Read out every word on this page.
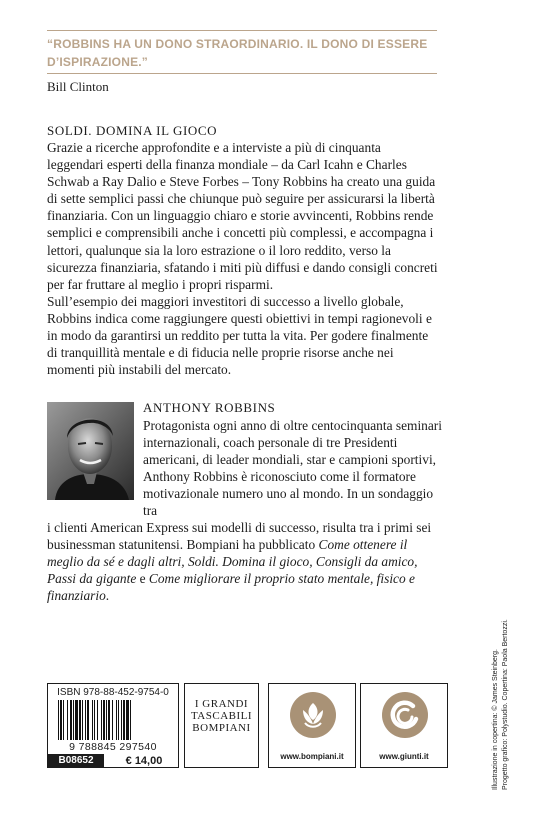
“ROBBINS HA UN DONO STRAORDINARIO. IL DONO DI ESSERE
D’ISPIRAZIONE.”
Bill Clinton
SOLDI. DOMINA IL GIOCO

Grazie a ricerche approfondite e a interviste a più di cinquanta leggendari esperti della finanza mondiale – da Carl Icahn e Charles Schwab a Ray Dalio e Steve Forbes – Tony Robbins ha creato una guida di sette semplici passi che chiunque può seguire per assicurarsi la libertà finanziaria. Con un linguaggio chiaro e storie avvincenti, Robbins rende semplici e comprensibili anche i concetti più complessi, e accompagna i lettori, qualunque sia la loro estrazione o il loro reddito, verso la sicurezza finanziaria, sfatando i miti più diffusi e dando consigli concreti per far fruttare al meglio i propri risparmi.

Sull’esempio dei maggiori investitori di successo a livello globale, Robbins indica come raggiungere questi obiettivi in tempi ragionevoli e in modo da garantirsi un reddito per tutta la vita. Per godere finalmente di tranquillità mentale e di fiducia nelle proprie risorse anche nei momenti più instabili del mercato.

ANTHONY ROBBINS
Protagonista ogni anno di oltre centocinquanta seminari internazionali, coach personale di tre Presidenti americani, di leader mondiali, star e campioni sportivi, Anthony Robbins è riconosciuto come il formatore motivazionale numero uno al mondo. In un sondaggio tra
i clienti American Express sui modelli di successo, risulta tra i primi sei businessman statunitensi. Bompiani ha pubblicato Come ottenere il meglio da sé e dagli altri, Soldi. Domina il gioco, Consigli da amico, Passi da gigante e Come migliorare il proprio stato mentale, fisico e finanziario.
ISBN 978-88-452-9754-0
9 788845 297540
B08652	€ 14,00
I GRANDI
TASCABILI
BOMPIANI
www.bompiani.it	www.giunti.it	Illustrazione in copertina: © James Steinberg. Progetto grafico: Polystudio. Copertina: Paola Bertozzi.
